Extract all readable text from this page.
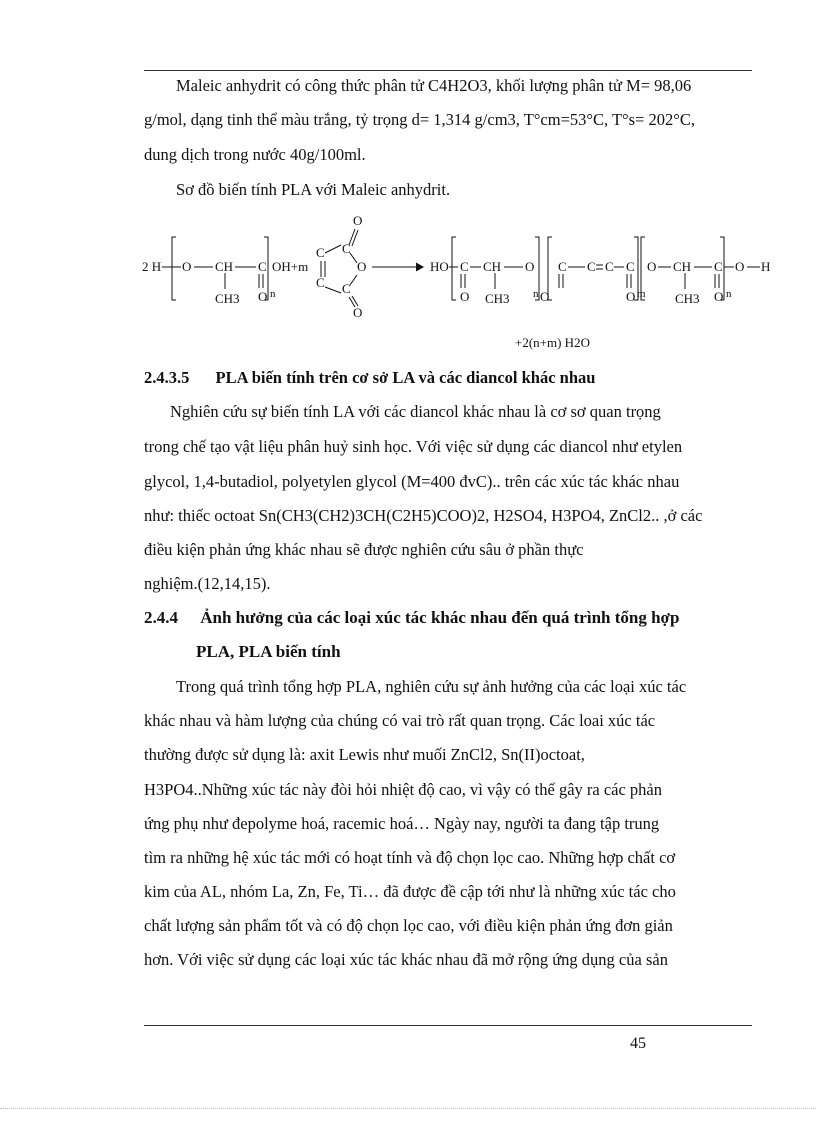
Maleic anhydrit có công thức phân tử C4H2O3, khối lượng phân tử M= 98,06
g/mol, dạng tinh thể màu trắng, tỷ trọng d= 1,314 g/cm3, T°cm=53°C, T°s= 202°C,
dung dịch trong nước 40g/100ml.
Sơ đồ biến tính PLA với Maleic anhydrit.
2 H O CH C
CH3 O n
OH+m
O
C
C
O
C C
O
HO C CH O
O CH3 n
C C C C
O	O m
O CH C
CH3 O n
O H
+2(n+m) H2O
2.4.3.5 PLA biến tính trên cơ sở LA và các diancol khác nhau
Nghiên cứu sự biến tính LA với các diancol khác nhau là cơ sơ quan trọng
trong chế tạo vật liệu phân huỷ sinh học. Với việc sử dụng các diancol như etylen
glycol, 1,4-butadiol, polyetylen glycol (M=400 đvC).. trên các xúc tác khác nhau
như: thiếc octoat Sn(CH3(CH2)3CH(C2H5)COO)2, H2SO4, H3PO4, ZnCl2.. ,ở các
điều kiện phản ứng khác nhau sẽ được nghiên cứu sâu ở phần thực
nghiệm.(12,14,15).
2.4.4 Ảnh hưởng của các loại xúc tác khác nhau đến quá trình tổng hợp
PLA, PLA biến tính
Trong quá trình tổng hợp PLA, nghiên cứu sự ảnh hưởng của các loại xúc tác
khác nhau và hàm lượng của chúng có vai trò rất quan trọng. Các loai xúc tác
thường được sử dụng là: axit Lewis như muối ZnCl2, Sn(II)octoat,
H3PO4..Những xúc tác này đòi hỏi nhiệt độ cao, vì vậy có thể gây ra các phản
ứng phụ như đepolyme hoá, racemic hoá… Ngày nay, người ta đang tập trung
tìm ra những hệ xúc tác mới có hoạt tính và độ chọn lọc cao. Những hợp chất cơ
kim của AL, nhóm La, Zn, Fe, Ti… đã được đề cập tới như là những xúc tác cho
chất lượng sản phẩm tốt và có độ chọn lọc cao, với điều kiện phản ứng đơn giản
hơn. Với việc sử dụng các loại xúc tác khác nhau đã mở rộng ứng dụng của sản
45
